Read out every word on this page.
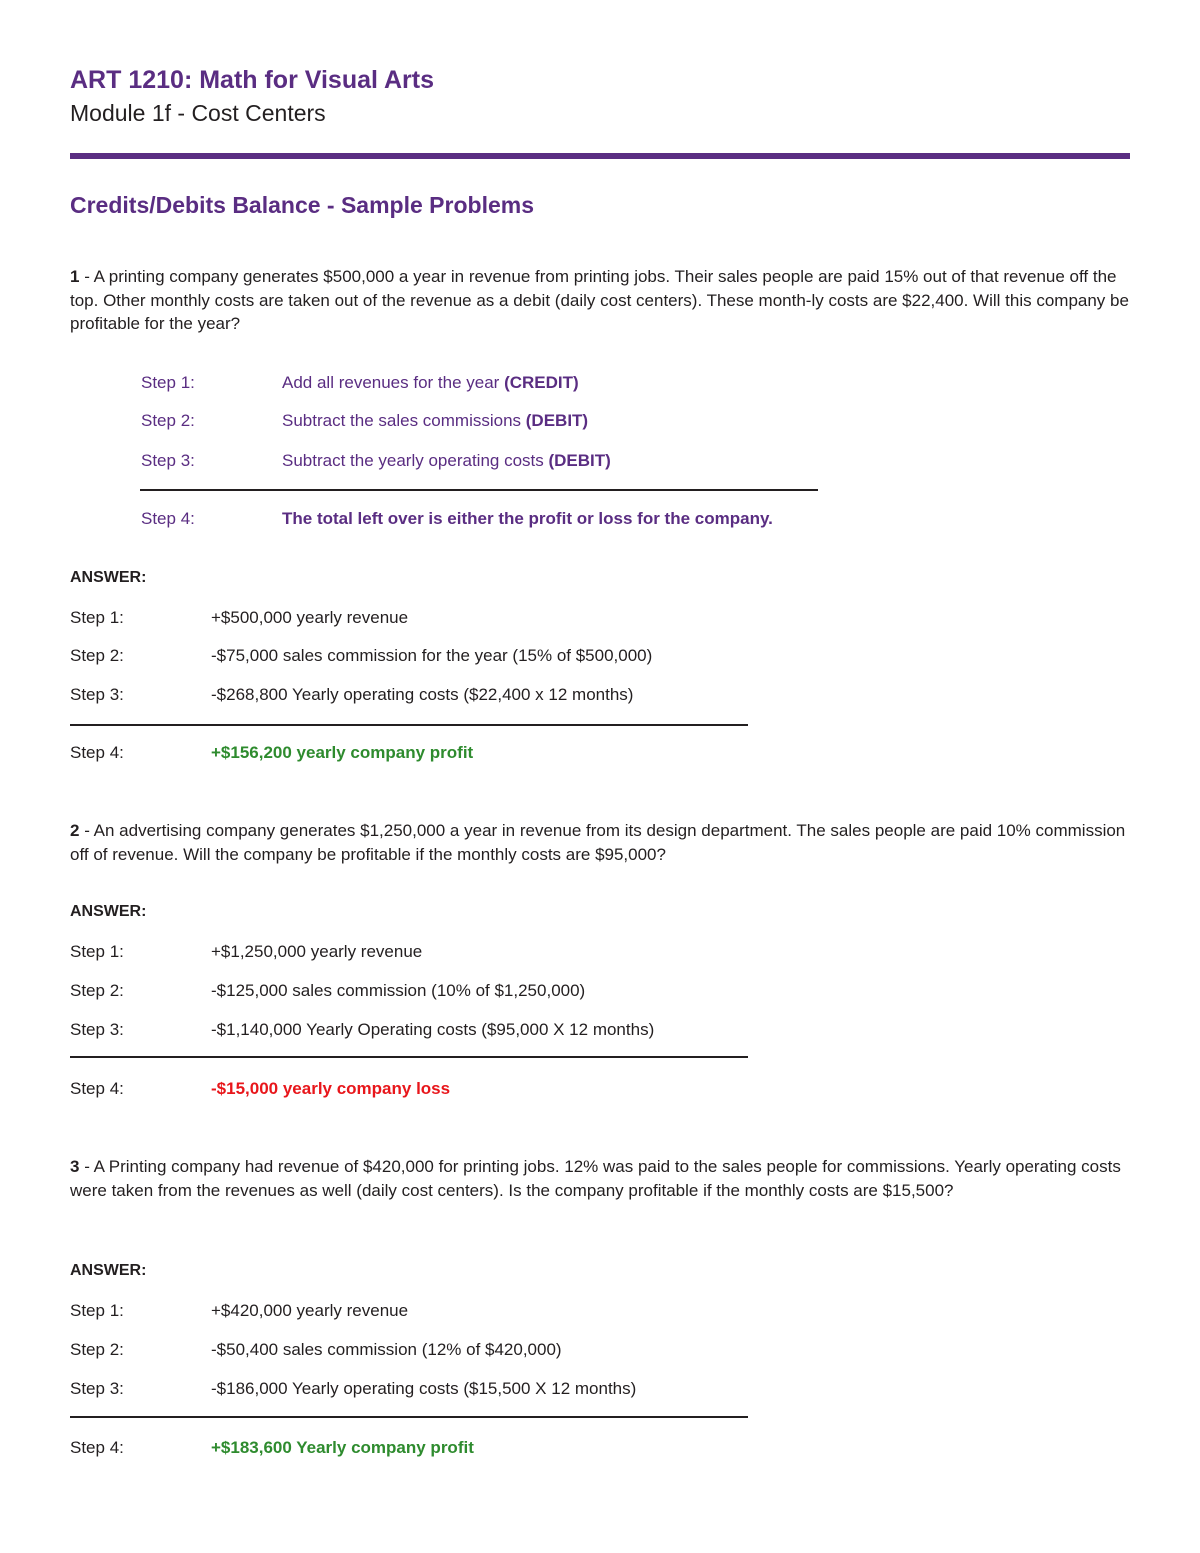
ART 1210: Math for Visual Arts
Module 1f - Cost Centers
Credits/Debits Balance - Sample Problems
1 - A printing company generates $500,000 a year in revenue from printing jobs. Their sales people are paid 15% out of that revenue off the top. Other monthly costs are taken out of the revenue as a debit (daily cost centers). These month-ly costs are $22,400. Will this company be profitable for the year?
Step 1:	Add all revenues for the year (CREDIT)
Step 2:	Subtract the sales commissions (DEBIT)
Step 3:	Subtract the yearly operating costs (DEBIT)
Step 4:	The total left over is either the profit or loss for the company.
ANSWER:
Step 1:	+$500,000 yearly revenue
Step 2:	-$75,000 sales commission for the year (15% of $500,000)
Step 3:	-$268,800 Yearly operating costs ($22,400 x 12 months)
Step 4:	+$156,200 yearly company profit
2 - An advertising company generates $1,250,000 a year in revenue from its design department. The sales people are paid 10% commission off of revenue. Will the company be profitable if the monthly costs are $95,000?
ANSWER:
Step 1:	+$1,250,000 yearly revenue
Step 2:	-$125,000 sales commission (10% of $1,250,000)
Step 3:	-$1,140,000 Yearly Operating costs ($95,000 X 12 months)
Step 4:	-$15,000 yearly company loss
3 - A Printing company had revenue of $420,000 for printing jobs. 12% was paid to the sales people for commissions. Yearly operating costs were taken from the revenues as well (daily cost centers). Is the company profitable if the monthly costs are $15,500?
ANSWER:
Step 1:	+$420,000 yearly revenue
Step 2:	-$50,400 sales commission (12% of $420,000)
Step 3:	-$186,000 Yearly operating costs ($15,500 X 12 months)
Step 4:	+$183,600 Yearly company profit
